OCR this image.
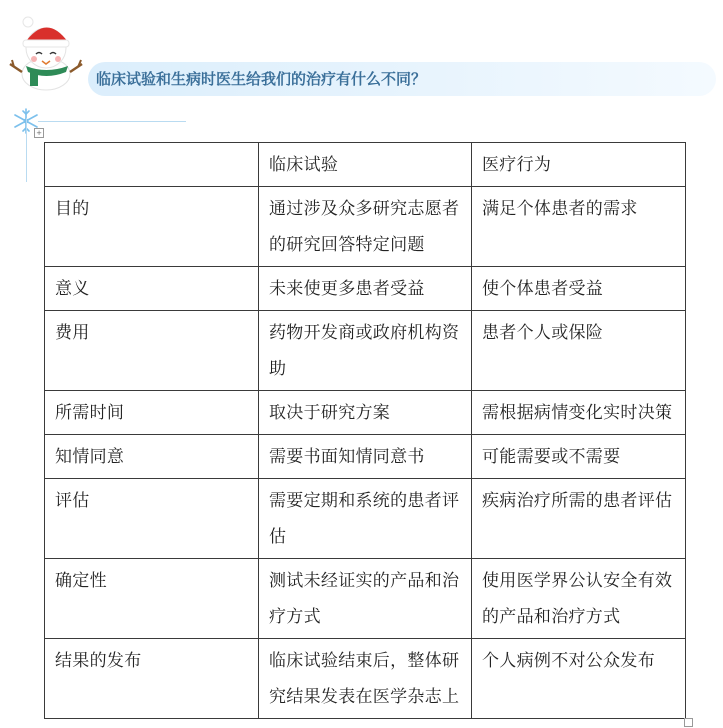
临床试验和生病时医生给我们的治疗有什么不同？
+
	临床试验	医疗行为
目的	通过涉及众多研究志愿者的研究回答特定问题	满足个体患者的需求
意义	未来使更多患者受益	使个体患者受益
费用	药物开发商或政府机构资助	患者个人或保险
所需时间	取决于研究方案	需根据病情变化实时决策
知情同意	需要书面知情同意书	可能需要或不需要
评估	需要定期和系统的患者评估	疾病治疗所需的患者评估
确定性	测试未经证实的产品和治疗方式	使用医学界公认安全有效的产品和治疗方式
结果的发布	临床试验结束后，整体研究结果发表在医学杂志上	个人病例不对公众发布
